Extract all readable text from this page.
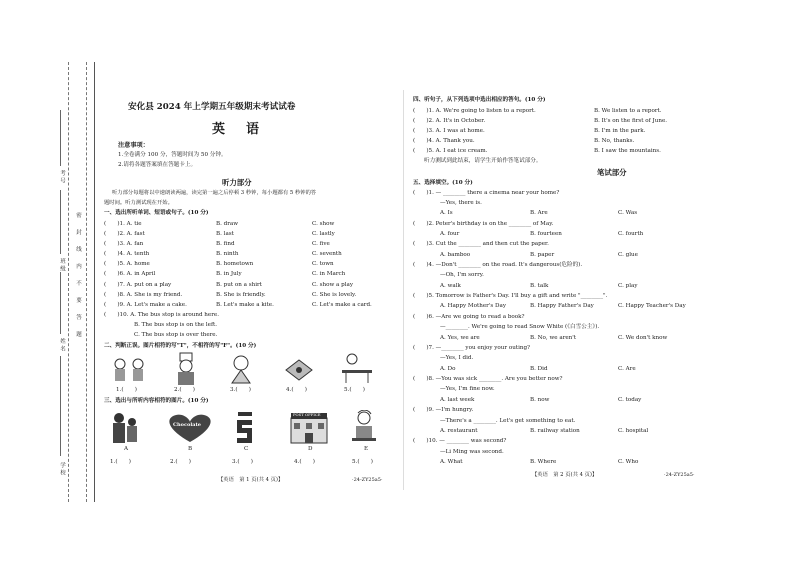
考号
班级
姓名
学校
密
封
线
内
不
要
答
题
安化县 2024 年上学期五年级期末考试试卷
英　语
注意事项：
1.全卷满分 100 分，答题时间为 50 分钟。
2.请将各题答案填在答题卡上。
听力部分
听力部分每题将以中速朗读两遍，读完第一遍之后停顿 3 秒钟，每小题都有 5 秒钟的答
题时间。听力测试现在开始。
一、选出所听单词、短语或句子。(10 分)
(　　)1. A. tie	B. draw	C. show
(　　)2. A. fast	B. last	C. lastly
(　　)3. A. fan	B. find	C. five
(　　)4. A. tenth	B. ninth	C. seventh
(　　)5. A. home	B. hometown	C. town
(　　)6. A. in April	B. in July	C. in March
(　　)7. A. put on a play	B. put on a shirt	C. show a play
(　　)8. A. She is my friend.	B. She is friendly.	C. She is lovely.
(　　)9. A. Let's make a cake.	B. Let's make a kite.	C. Let's make a card.
(　　)10. A. The bus stop is around here.
B. The bus stop is on the left.
C. The bus stop is over there.
二、判断正误。图片相符的写"T"，不相符的写"F"。(10 分)
1.(　　)	2.(　　)	3.(　　)	4.(　　)	5.(　　)
三、选出与所听内容相符的图片。(10 分)
Chocolate
POST OFFICE
A	B	C	D	E
1.(　　)	2.(　　)	3.(　　)	4.(　　)	5.(　　)
【英语　第 1 页(共 4 页)】	·24-ZY25a5·
四、听句子，从下列选项中选出相应的答句。(10 分)
(　　)1. A. We're going to listen to a report.	B. We listen to a report.
(　　)2. A. It's in October.	B. It's on the first of June.
(　　)3. A. I was at home.	B. I'm in the park.
(　　)4. A. Thank you.	B. No, thanks.
(　　)5. A. I eat ice cream.	B. I saw the mountains.
听力测试到此结束，请学生开始作答笔试部分。
笔试部分
五、选择填空。(10 分)
(　　)1. — ________ there a cinema near your home?
—Yes, there is.
A. Is	B. Are	C. Was
(　　)2. Peter's birthday is on the ________ of May.
A. four	B. fourteen	C. fourth
(　　)3. Cut the ________ and then cut the paper.
A. bamboo	B. paper	C. glue
(　　)4. —Don't ________ on the road. It's dangerous(危险的).
—Oh, I'm sorry.
A. walk	B. talk	C. play
(　　)5. Tomorrow is Father's Day. I'll buy a gift and write "________".
A. Happy Mother's Day	B. Happy Father's Day	C. Happy Teacher's Day
(　　)6. —Are we going to read a book?
—________. We're going to read Snow White (《白雪公主》).
A. Yes, we are	B. No, we aren't	C. We don't know
(　　)7. —________ you enjoy your outing?
—Yes, I did.
A. Do	B. Did	C. Are
(　　)8. —You was sick ________. Are you better now?
—Yes, I'm fine now.
A. last week	B. now	C. today
(　　)9. —I'm hungry.
—There's a ________. Let's get something to eat.
A. restaurant	B. railway station	C. hospital
(　　)10. — ________ was second?
—Li Ming was second.
A. What	B. Where	C. Who
【英语　第 2 页(共 4 页)】	·24-ZY25a5·
